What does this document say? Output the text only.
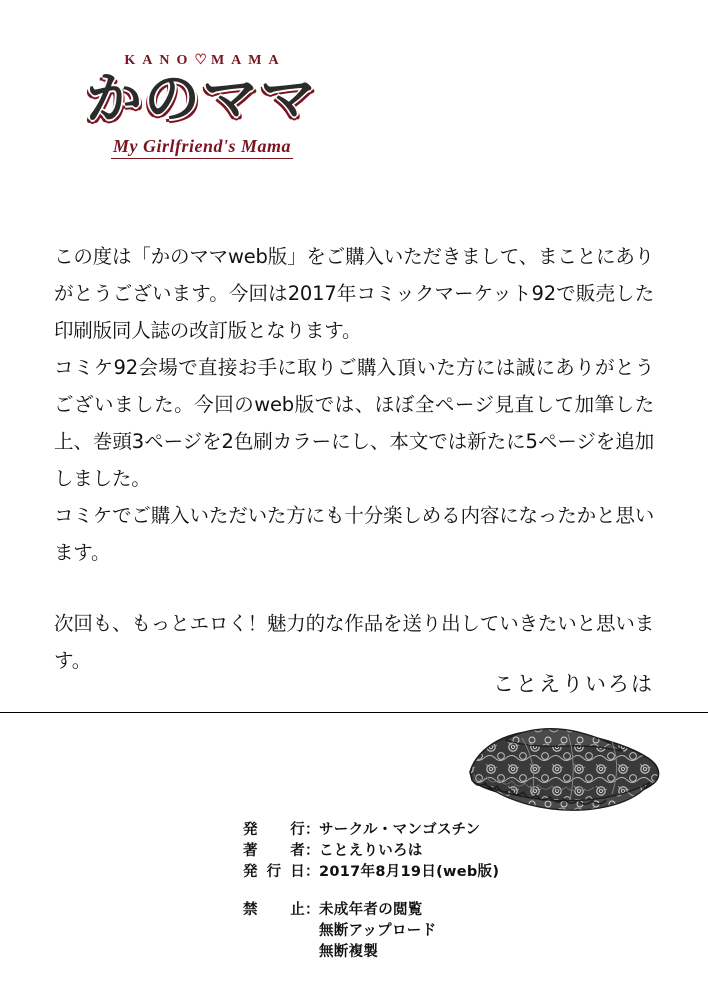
KANO♡MAMA
かのママ
My Girlfriend's Mama

この度は「かのママweb版」をご購入いただきまして、まことにありがとうございます。今回は2017年コミックマーケット92で販売した印刷版同人誌の改訂版となります。

コミケ92会場で直接お手に取りご購入頂いた方には誠にありがとうございました。今回のweb版では、ほぼ全ページ見直して加筆した上、巻頭3ページを2色刷カラーにし、本文では新たに5ページを追加しました。

コミケでご購入いただいた方にも十分楽しめる内容になったかと思います。

次回も、もっとエロく！魅力的な作品を送り出していきたいと思います。

ことえりいろは
発　行： サークル・マンゴスチン
著　者： ことえりいろは
発行日： 2017年8月19日(web版)
禁　止： 未成年者の閲覧
無断アップロード
無断複製
